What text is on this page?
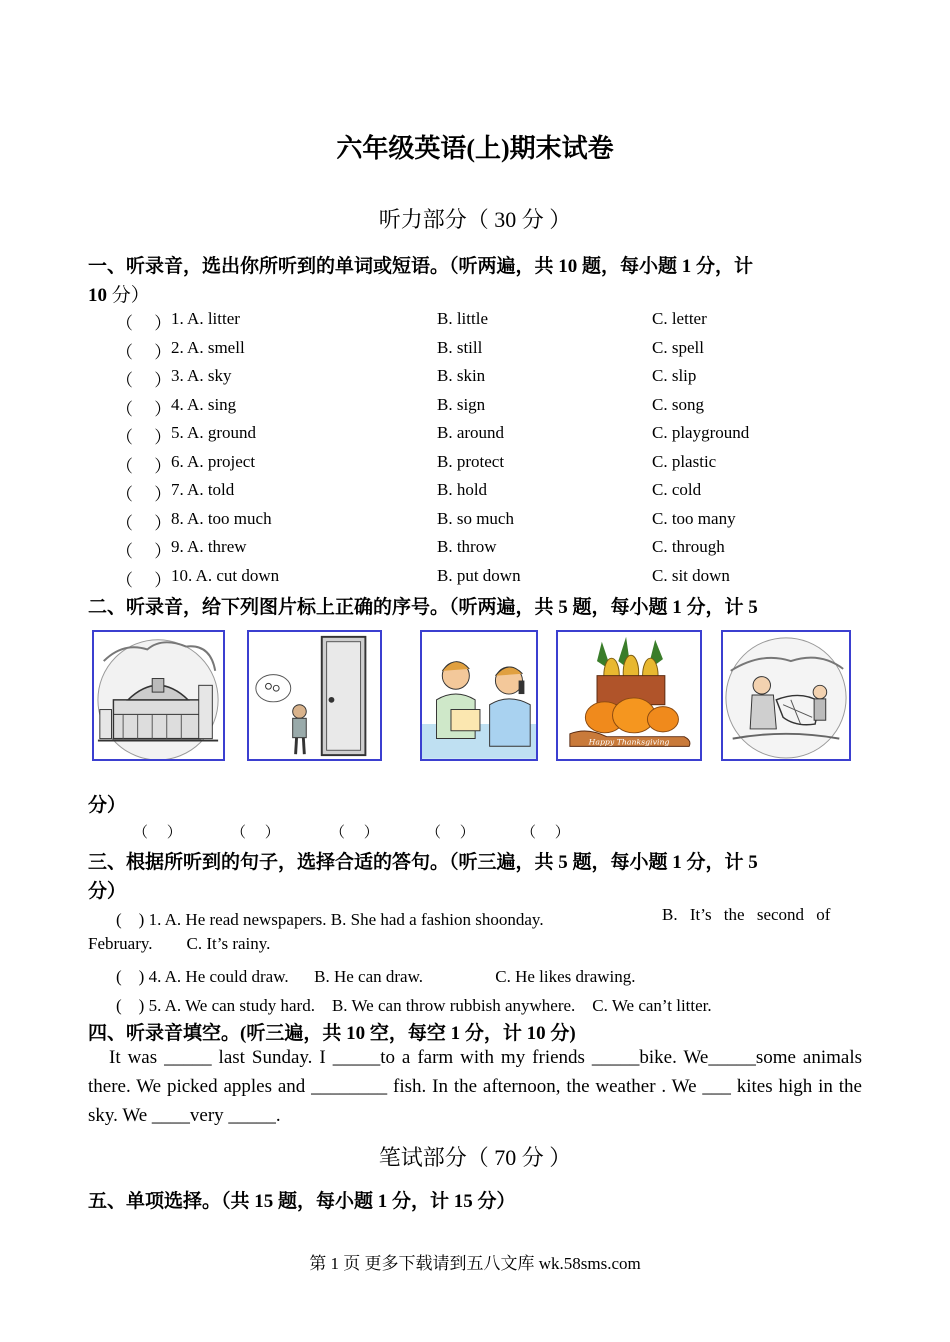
六年级英语(上)期末试卷
听力部分（ 30 分 ）
一、听录音，选出你所听到的单词或短语。（听两遍，共 10 题，每小题 1 分，计
10 分）
（　 ） 1. A. litter	B. little	C. letter
（　 ） 2. A. smell	B. still	C. spell
（　 ） 3. A. sky	B. skin	C. slip
（　 ） 4. A. sing	B. sign	C. song
（　 ） 5. A. ground	B. around	C. playground
（　 ） 6. A. project	B. protect	C. plastic
（　 ） 7. A. told	B. hold	C. cold
（　 ） 8. A. too much	B. so much	C. too many
（　 ） 9. A. threw	B. throw	C. through
（　 ） 10. A. cut down	B. put down	C. sit down
二、听录音，给下列图片标上正确的序号。（听两遍，共 5 题，每小题 1 分，计 5
Happy Thanksgiving
分）
（　 ）	（　 ）	（　 ）	（　 ）	（　 ）
三、根据所听到的句子，选择合适的答句。（听三遍，共 5 题，每小题 1 分，计 5
分）
(　) 1. A. He read newspapers. B. She had a fashion shoonday.	B. It’s the second of
February.        C. It’s rainy.
(　) 4. A. He could draw.      B. He can draw.                 C. He likes drawing.
(　) 5. A. We can study hard.    B. We can throw rubbish anywhere.    C. We can’t litter.
四、听录音填空。(听三遍，共 10 空，每空 1 分，计 10 分)
It was _____ last Sunday. I _____to a farm with my friends _____bike. We_____some animals there. We picked apples and ________ fish. In the afternoon, the weather . We ___ kites high in the sky. We ____very _____.
笔试部分（ 70 分 ）
五、单项选择。（共 15 题，每小题 1 分，计 15 分）
第 1 页 更多下载请到五八文库 wk.58sms.com
